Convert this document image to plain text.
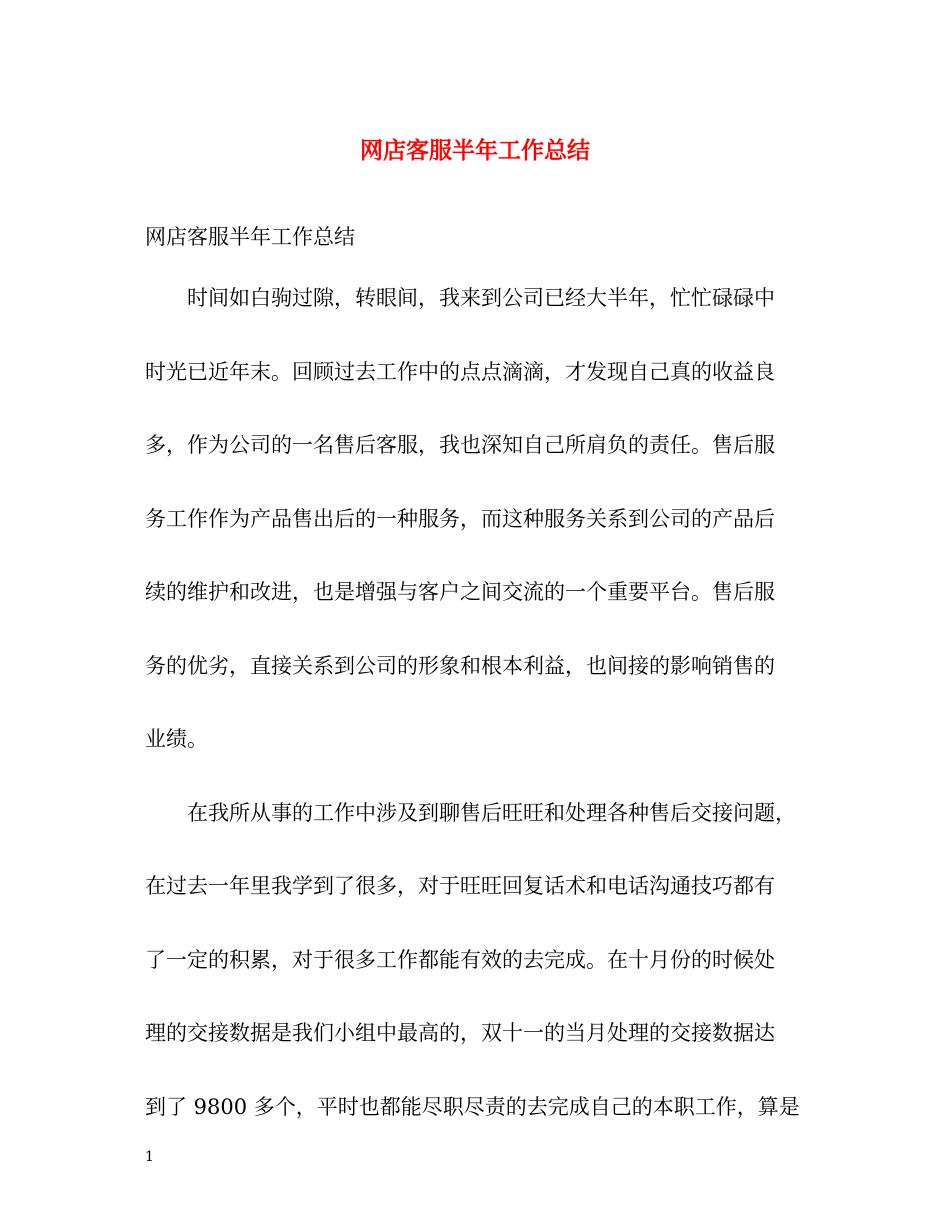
网店客服半年工作总结

网店客服半年工作总结

时间如白驹过隙，转眼间，我来到公司已经大半年，忙忙碌碌中

时光已近年末。回顾过去工作中的点点滴滴，才发现自己真的收益良

多，作为公司的一名售后客服，我也深知自己所肩负的责任。售后服

务工作作为产品售出后的一种服务，而这种服务关系到公司的产品后

续的维护和改进，也是增强与客户之间交流的一个重要平台。售后服

务的优劣，直接关系到公司的形象和根本利益，也间接的影响销售的

业绩。

在我所从事的工作中涉及到聊售后旺旺和处理各种售后交接问题，

在过去一年里我学到了很多，对于旺旺回复话术和电话沟通技巧都有

了一定的积累，对于很多工作都能有效的去完成。在十月份的时候处

理的交接数据是我们小组中最高的，双十一的当月处理的交接数据达

到了 9800 多个，平时也都能尽职尽责的去完成自己的本职工作，算是

1
